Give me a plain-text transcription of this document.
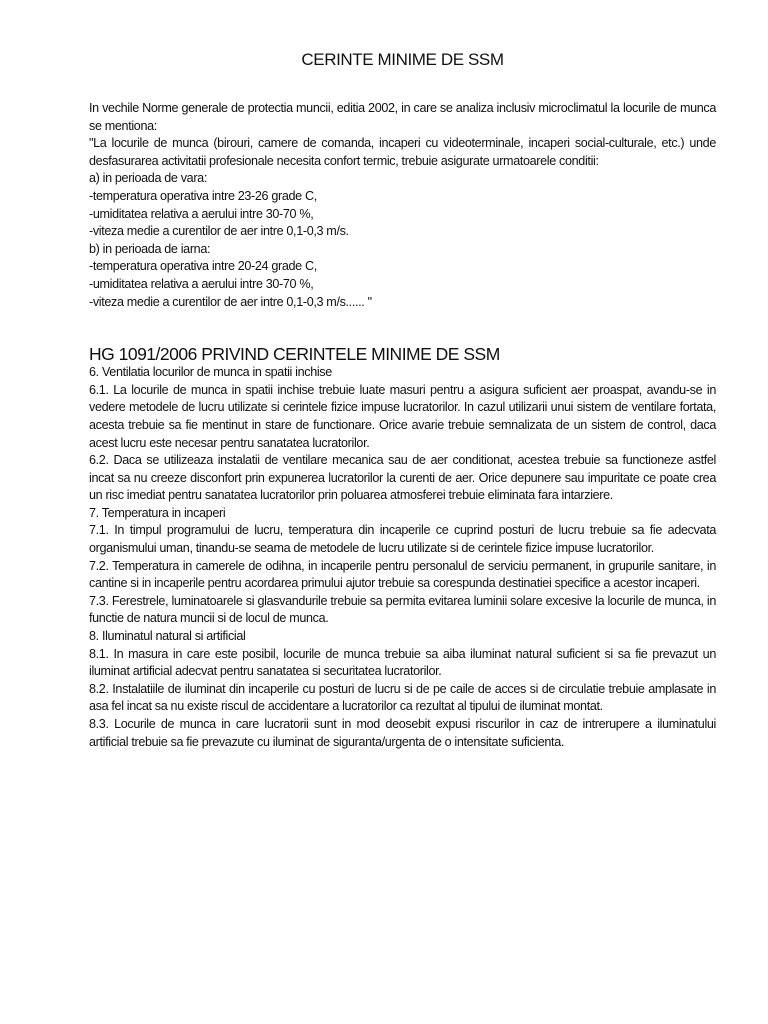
CERINTE MINIME DE SSM

In vechile Norme generale de protectia muncii, editia 2002, in care se analiza inclusiv microclimatul la locurile de munca se mentiona:

"La locurile de munca (birouri, camere de comanda, incaperi cu videoterminale, incaperi social-culturale, etc.) unde desfasurarea activitatii profesionale necesita confort termic, trebuie asigurate urmatoarele conditii:

a) in perioada de vara:

-temperatura operativa intre 23-26 grade C,

-umiditatea relativa a aerului intre 30-70 %,

-viteza medie a curentilor de aer intre 0,1-0,3 m/s.

b) in perioada de iarna:

-temperatura operativa intre 20-24 grade C,

-umiditatea relativa a aerului intre 30-70 %,

-viteza medie a curentilor de aer intre 0,1-0,3 m/s...... "

HG 1091/2006 PRIVIND CERINTELE MINIME DE SSM

6. Ventilatia locurilor de munca in spatii inchise

6.1. La locurile de munca in spatii inchise trebuie luate masuri pentru a asigura suficient aer proaspat, avandu-se in vedere metodele de lucru utilizate si cerintele fizice impuse lucratorilor. In cazul utilizarii unui sistem de ventilare fortata, acesta trebuie sa fie mentinut in stare de functionare. Orice avarie trebuie semnalizata de un sistem de control, daca acest lucru este necesar pentru sanatatea lucratorilor.

6.2. Daca se utilizeaza instalatii de ventilare mecanica sau de aer conditionat, acestea trebuie sa functioneze astfel incat sa nu creeze disconfort prin expunerea lucratorilor la curenti de aer. Orice depunere sau impuritate ce poate crea un risc imediat pentru sanatatea lucratorilor prin poluarea atmosferei trebuie eliminata fara intarziere.

7. Temperatura in incaperi

7.1. In timpul programului de lucru, temperatura din incaperile ce cuprind posturi de lucru trebuie sa fie adecvata organismului uman, tinandu-se seama de metodele de lucru utilizate si de cerintele fizice impuse lucratorilor.

7.2. Temperatura in camerele de odihna, in incaperile pentru personalul de serviciu permanent, in grupurile sanitare, in cantine si in incaperile pentru acordarea primului ajutor trebuie sa corespunda destinatiei specifice a acestor incaperi.

7.3. Ferestrele, luminatoarele si glasvandurile trebuie sa permita evitarea luminii solare excesive la locurile de munca, in functie de natura muncii si de locul de munca.

8. Iluminatul natural si artificial

8.1. In masura in care este posibil, locurile de munca trebuie sa aiba iluminat natural suficient si sa fie prevazut un iluminat artificial adecvat pentru sanatatea si securitatea lucratorilor.

8.2. Instalatiile de iluminat din incaperile cu posturi de lucru si de pe caile de acces si de circulatie trebuie amplasate in asa fel incat sa nu existe riscul de accidentare a lucratorilor ca rezultat al tipului de iluminat montat.

8.3. Locurile de munca in care lucratorii sunt in mod deosebit expusi riscurilor in caz de intrerupere a iluminatului artificial trebuie sa fie prevazute cu iluminat de siguranta/urgenta de o intensitate suficienta.
